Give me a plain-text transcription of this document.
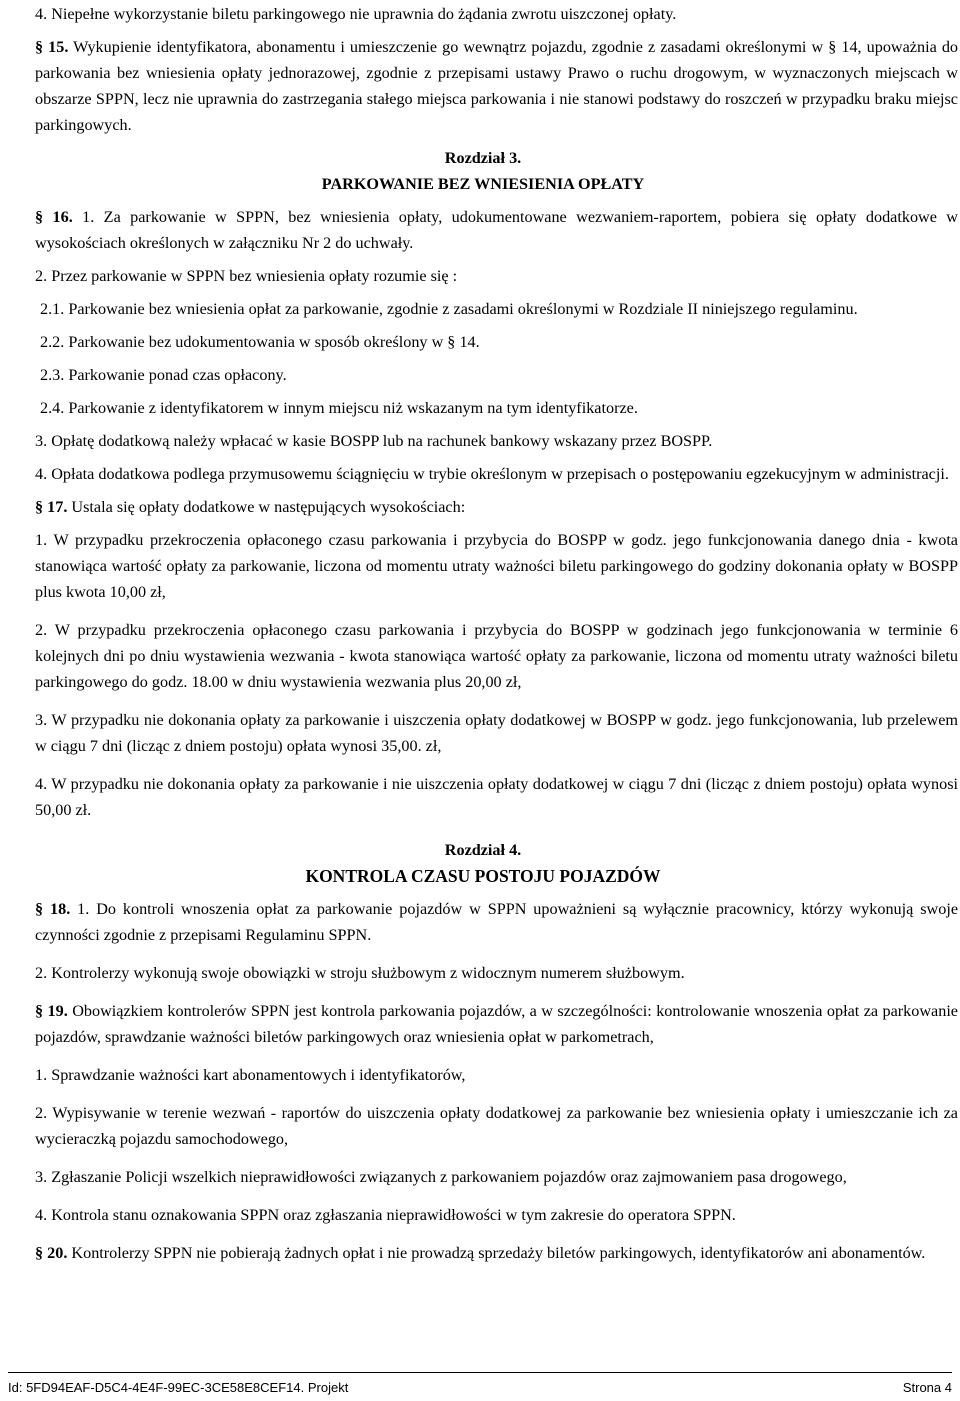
4. Niepełne wykorzystanie biletu parkingowego nie uprawnia do żądania zwrotu uiszczonej opłaty.

§ 15. Wykupienie identyfikatora, abonamentu i umieszczenie go wewnątrz pojazdu, zgodnie z zasadami określonymi w § 14, upoważnia do parkowania bez wniesienia opłaty jednorazowej, zgodnie z przepisami ustawy Prawo o ruchu drogowym, w wyznaczonych miejscach w obszarze SPPN, lecz nie uprawnia do zastrzegania stałego miejsca parkowania i nie stanowi podstawy do roszczeń w przypadku braku miejsc parkingowych.

Rozdział 3.

PARKOWANIE BEZ WNIESIENIA OPŁATY

§ 16. 1. Za parkowanie w SPPN, bez wniesienia opłaty, udokumentowane wezwaniem-raportem, pobiera się opłaty dodatkowe w wysokościach określonych w załączniku Nr 2 do uchwały.

2. Przez parkowanie w SPPN bez wniesienia opłaty rozumie się :

2.1. Parkowanie bez wniesienia opłat za parkowanie, zgodnie z zasadami określonymi w Rozdziale II niniejszego regulaminu.

2.2. Parkowanie bez udokumentowania w sposób określony w § 14.

2.3. Parkowanie ponad czas opłacony.

2.4. Parkowanie z identyfikatorem w innym miejscu niż wskazanym na tym identyfikatorze.

3. Opłatę dodatkową należy wpłacać w kasie BOSPP lub na rachunek bankowy wskazany przez BOSPP.

4. Opłata dodatkowa podlega przymusowemu ściągnięciu w trybie określonym w przepisach o postępowaniu egzekucyjnym w administracji.

§ 17. Ustala się opłaty dodatkowe w następujących wysokościach:

1. W przypadku przekroczenia opłaconego czasu parkowania i przybycia do BOSPP w godz. jego funkcjonowania danego dnia - kwota stanowiąca wartość opłaty za parkowanie, liczona od momentu utraty ważności biletu parkingowego do godziny dokonania opłaty w BOSPP plus kwota 10,00 zł,

2. W przypadku przekroczenia opłaconego czasu parkowania i przybycia do BOSPP w godzinach jego funkcjonowania w terminie 6 kolejnych dni po dniu wystawienia wezwania - kwota stanowiąca wartość opłaty za parkowanie, liczona od momentu utraty ważności biletu parkingowego do godz. 18.00 w dniu wystawienia wezwania plus 20,00 zł,

3. W przypadku nie dokonania opłaty za parkowanie i uiszczenia opłaty dodatkowej w BOSPP w godz. jego funkcjonowania, lub przelewem w ciągu 7 dni (licząc z dniem postoju) opłata wynosi 35,00. zł,

4. W przypadku nie dokonania opłaty za parkowanie i nie uiszczenia opłaty dodatkowej w ciągu 7 dni (licząc z dniem postoju) opłata wynosi 50,00 zł.

Rozdział 4.

KONTROLA CZASU POSTOJU POJAZDÓW

§ 18. 1. Do kontroli wnoszenia opłat za parkowanie pojazdów w SPPN upoważnieni są wyłącznie pracownicy, którzy wykonują swoje czynności zgodnie z przepisami Regulaminu SPPN.

2. Kontrolerzy wykonują swoje obowiązki w stroju służbowym z widocznym numerem służbowym.

§ 19. Obowiązkiem kontrolerów SPPN jest kontrola parkowania pojazdów, a w szczególności: kontrolowanie wnoszenia opłat za parkowanie pojazdów, sprawdzanie ważności biletów parkingowych oraz wniesienia opłat w parkometrach,

1. Sprawdzanie ważności kart abonamentowych i identyfikatorów,

2. Wypisywanie w terenie wezwań - raportów do uiszczenia opłaty dodatkowej za parkowanie bez wniesienia opłaty i umieszczanie ich za wycieraczką pojazdu samochodowego,

3. Zgłaszanie Policji wszelkich nieprawidłowości związanych z parkowaniem pojazdów oraz zajmowaniem pasa drogowego,

4. Kontrola stanu oznakowania SPPN oraz zgłaszania nieprawidłowości w tym zakresie do operatora SPPN.

§ 20. Kontrolerzy SPPN nie pobierają żadnych opłat i nie prowadzą sprzedaży biletów parkingowych, identyfikatorów ani abonamentów.

Id: 5FD94EAF-D5C4-4E4F-99EC-3CE58E8CEF14. Projekt	Strona 4
